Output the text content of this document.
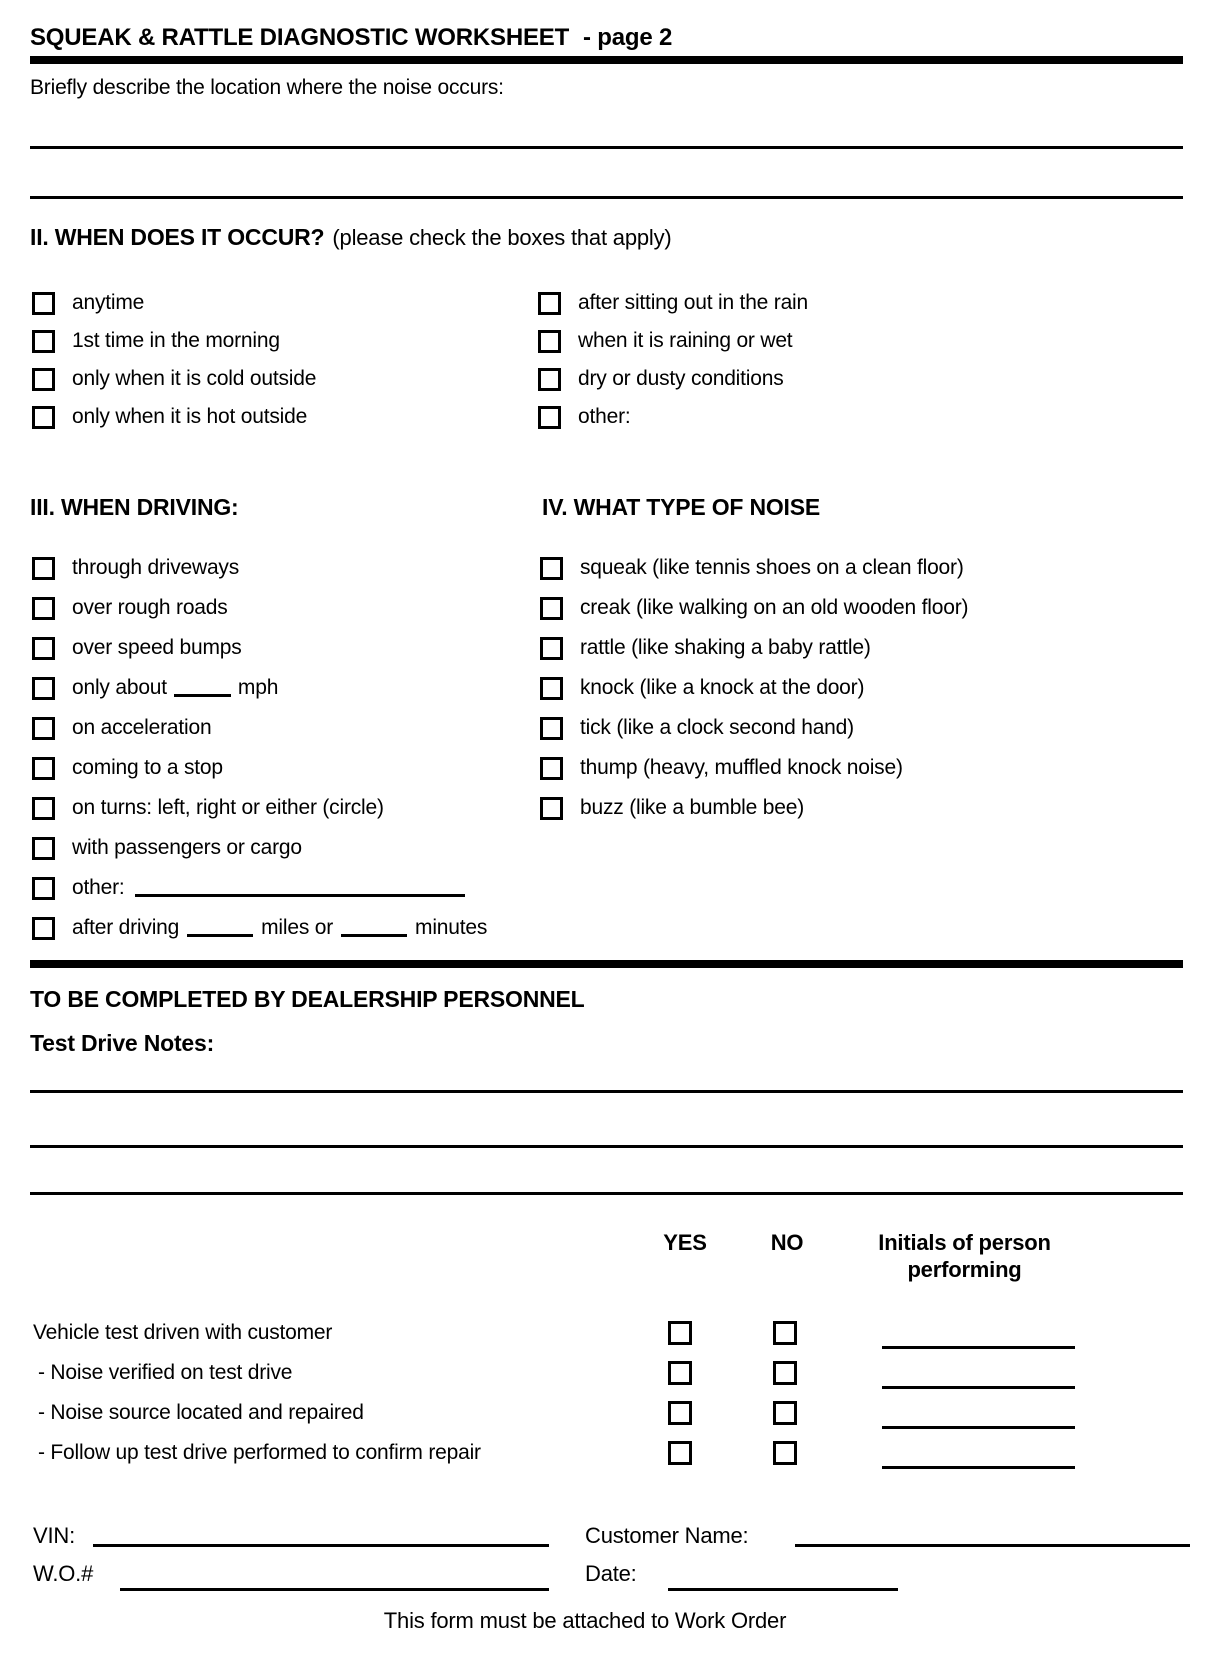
SQUEAK & RATTLE DIAGNOSTIC WORKSHEET - page 2
Briefly describe the location where the noise occurs:
II. WHEN DOES IT OCCUR? (please check the boxes that apply)
anytime
1st time in the morning
only when it is cold outside
only when it is hot outside
after sitting out in the rain
when it is raining or wet
dry or dusty conditions
other:
III. WHEN DRIVING:	IV. WHAT TYPE OF NOISE
through driveways
over rough roads
over speed bumps
only about	mph
on acceleration
coming to a stop
on turns: left, right or either (circle)
with passengers or cargo
other:
after driving	miles or	minutes
squeak (like tennis shoes on a clean floor)
creak (like walking on an old wooden floor)
rattle (like shaking a baby rattle)
knock (like a knock at the door)
tick (like a clock second hand)
thump (heavy, muffled knock noise)
buzz (like a bumble bee)
TO BE COMPLETED BY DEALERSHIP PERSONNEL
Test Drive Notes:
YES	NO	Initials of person
performing
Vehicle test driven with customer
- Noise verified on test drive
- Noise source located and repaired
- Follow up test drive performed to confirm repair
VIN:	Customer Name:
W.O.#	Date:
This form must be attached to Work Order
